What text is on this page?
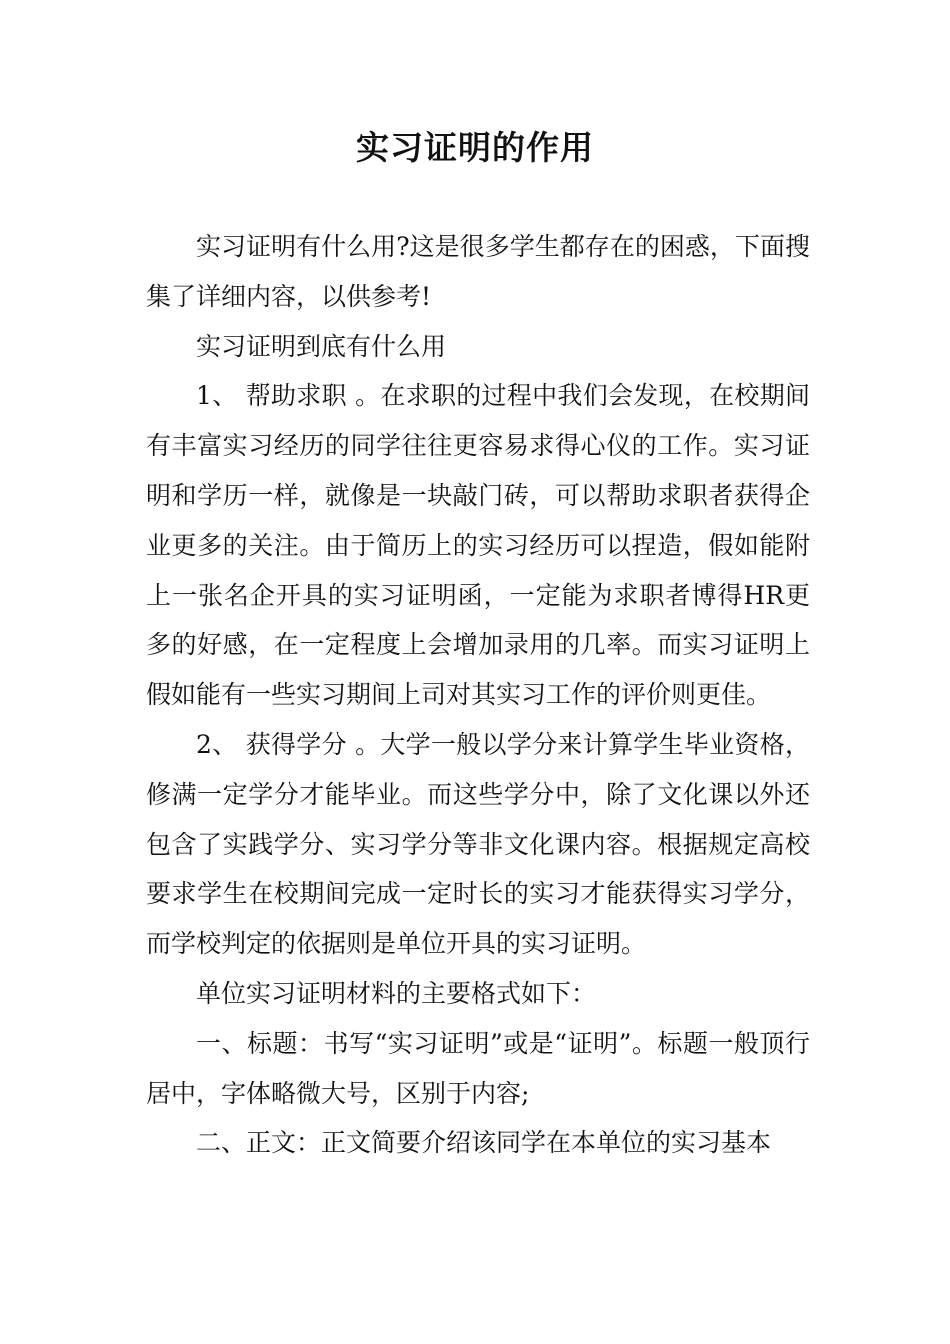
实习证明的作用

实习证明有什么用?这是很多学生都存在的困惑，下面搜集了详细内容，以供参考!

实习证明到底有什么用

1、 帮助求职 。在求职的过程中我们会发现，在校期间有丰富实习经历的同学往往更容易求得心仪的工作。实习证明和学历一样，就像是一块敲门砖，可以帮助求职者获得企业更多的关注。由于简历上的实习经历可以捏造，假如能附上一张名企开具的实习证明函，一定能为求职者博得HR更多的好感，在一定程度上会增加录用的几率。而实习证明上假如能有一些实习期间上司对其实习工作的评价则更佳。

2、 获得学分 。大学一般以学分来计算学生毕业资格，修满一定学分才能毕业。而这些学分中，除了文化课以外还包含了实践学分、实习学分等非文化课内容。根据规定高校要求学生在校期间完成一定时长的实习才能获得实习学分，而学校判定的依据则是单位开具的实习证明。

单位实习证明材料的主要格式如下：

一、标题：书写“实习证明”或是“证明”。标题一般顶行居中，字体略微大号，区别于内容;

二、正文：正文简要介绍该同学在本单位的实习基本
